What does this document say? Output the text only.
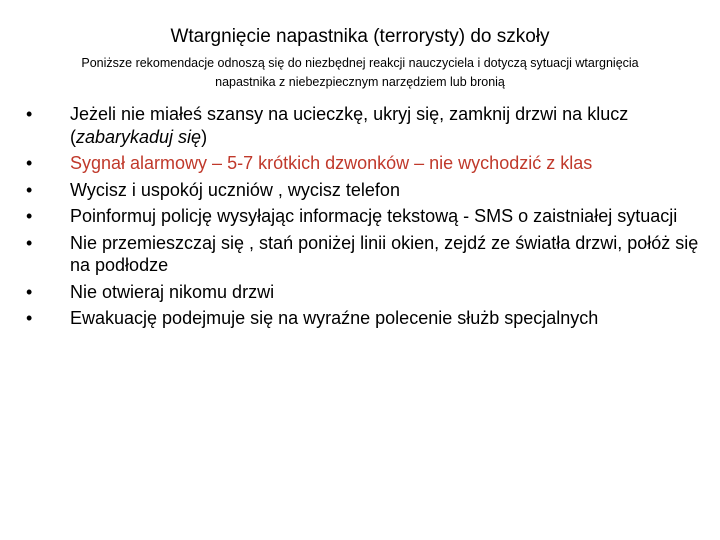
Wtargnięcie napastnika (terrorysty) do szkoły

Poniższe rekomendacje odnoszą się do niezbędnej reakcji nauczyciela i dotyczą sytuacji wtargnięcia napastnika z niebezpiecznym narzędziem lub bronią

•	Jeżeli nie miałeś szansy na ucieczkę, ukryj się, zamknij drzwi na klucz (zabarykaduj się)
•	Sygnał alarmowy – 5-7 krótkich dzwonków – nie wychodzić z klas
•	Wycisz i uspokój uczniów , wycisz telefon
•	Poinformuj policję wysyłając informację tekstową - SMS o zaistniałej sytuacji
•	Nie przemieszczaj się , stań poniżej linii okien, zejdź ze światła drzwi, połóż się na podłodze
•	Nie otwieraj nikomu drzwi
•	Ewakuację podejmuje się na wyraźne polecenie służb specjalnych
